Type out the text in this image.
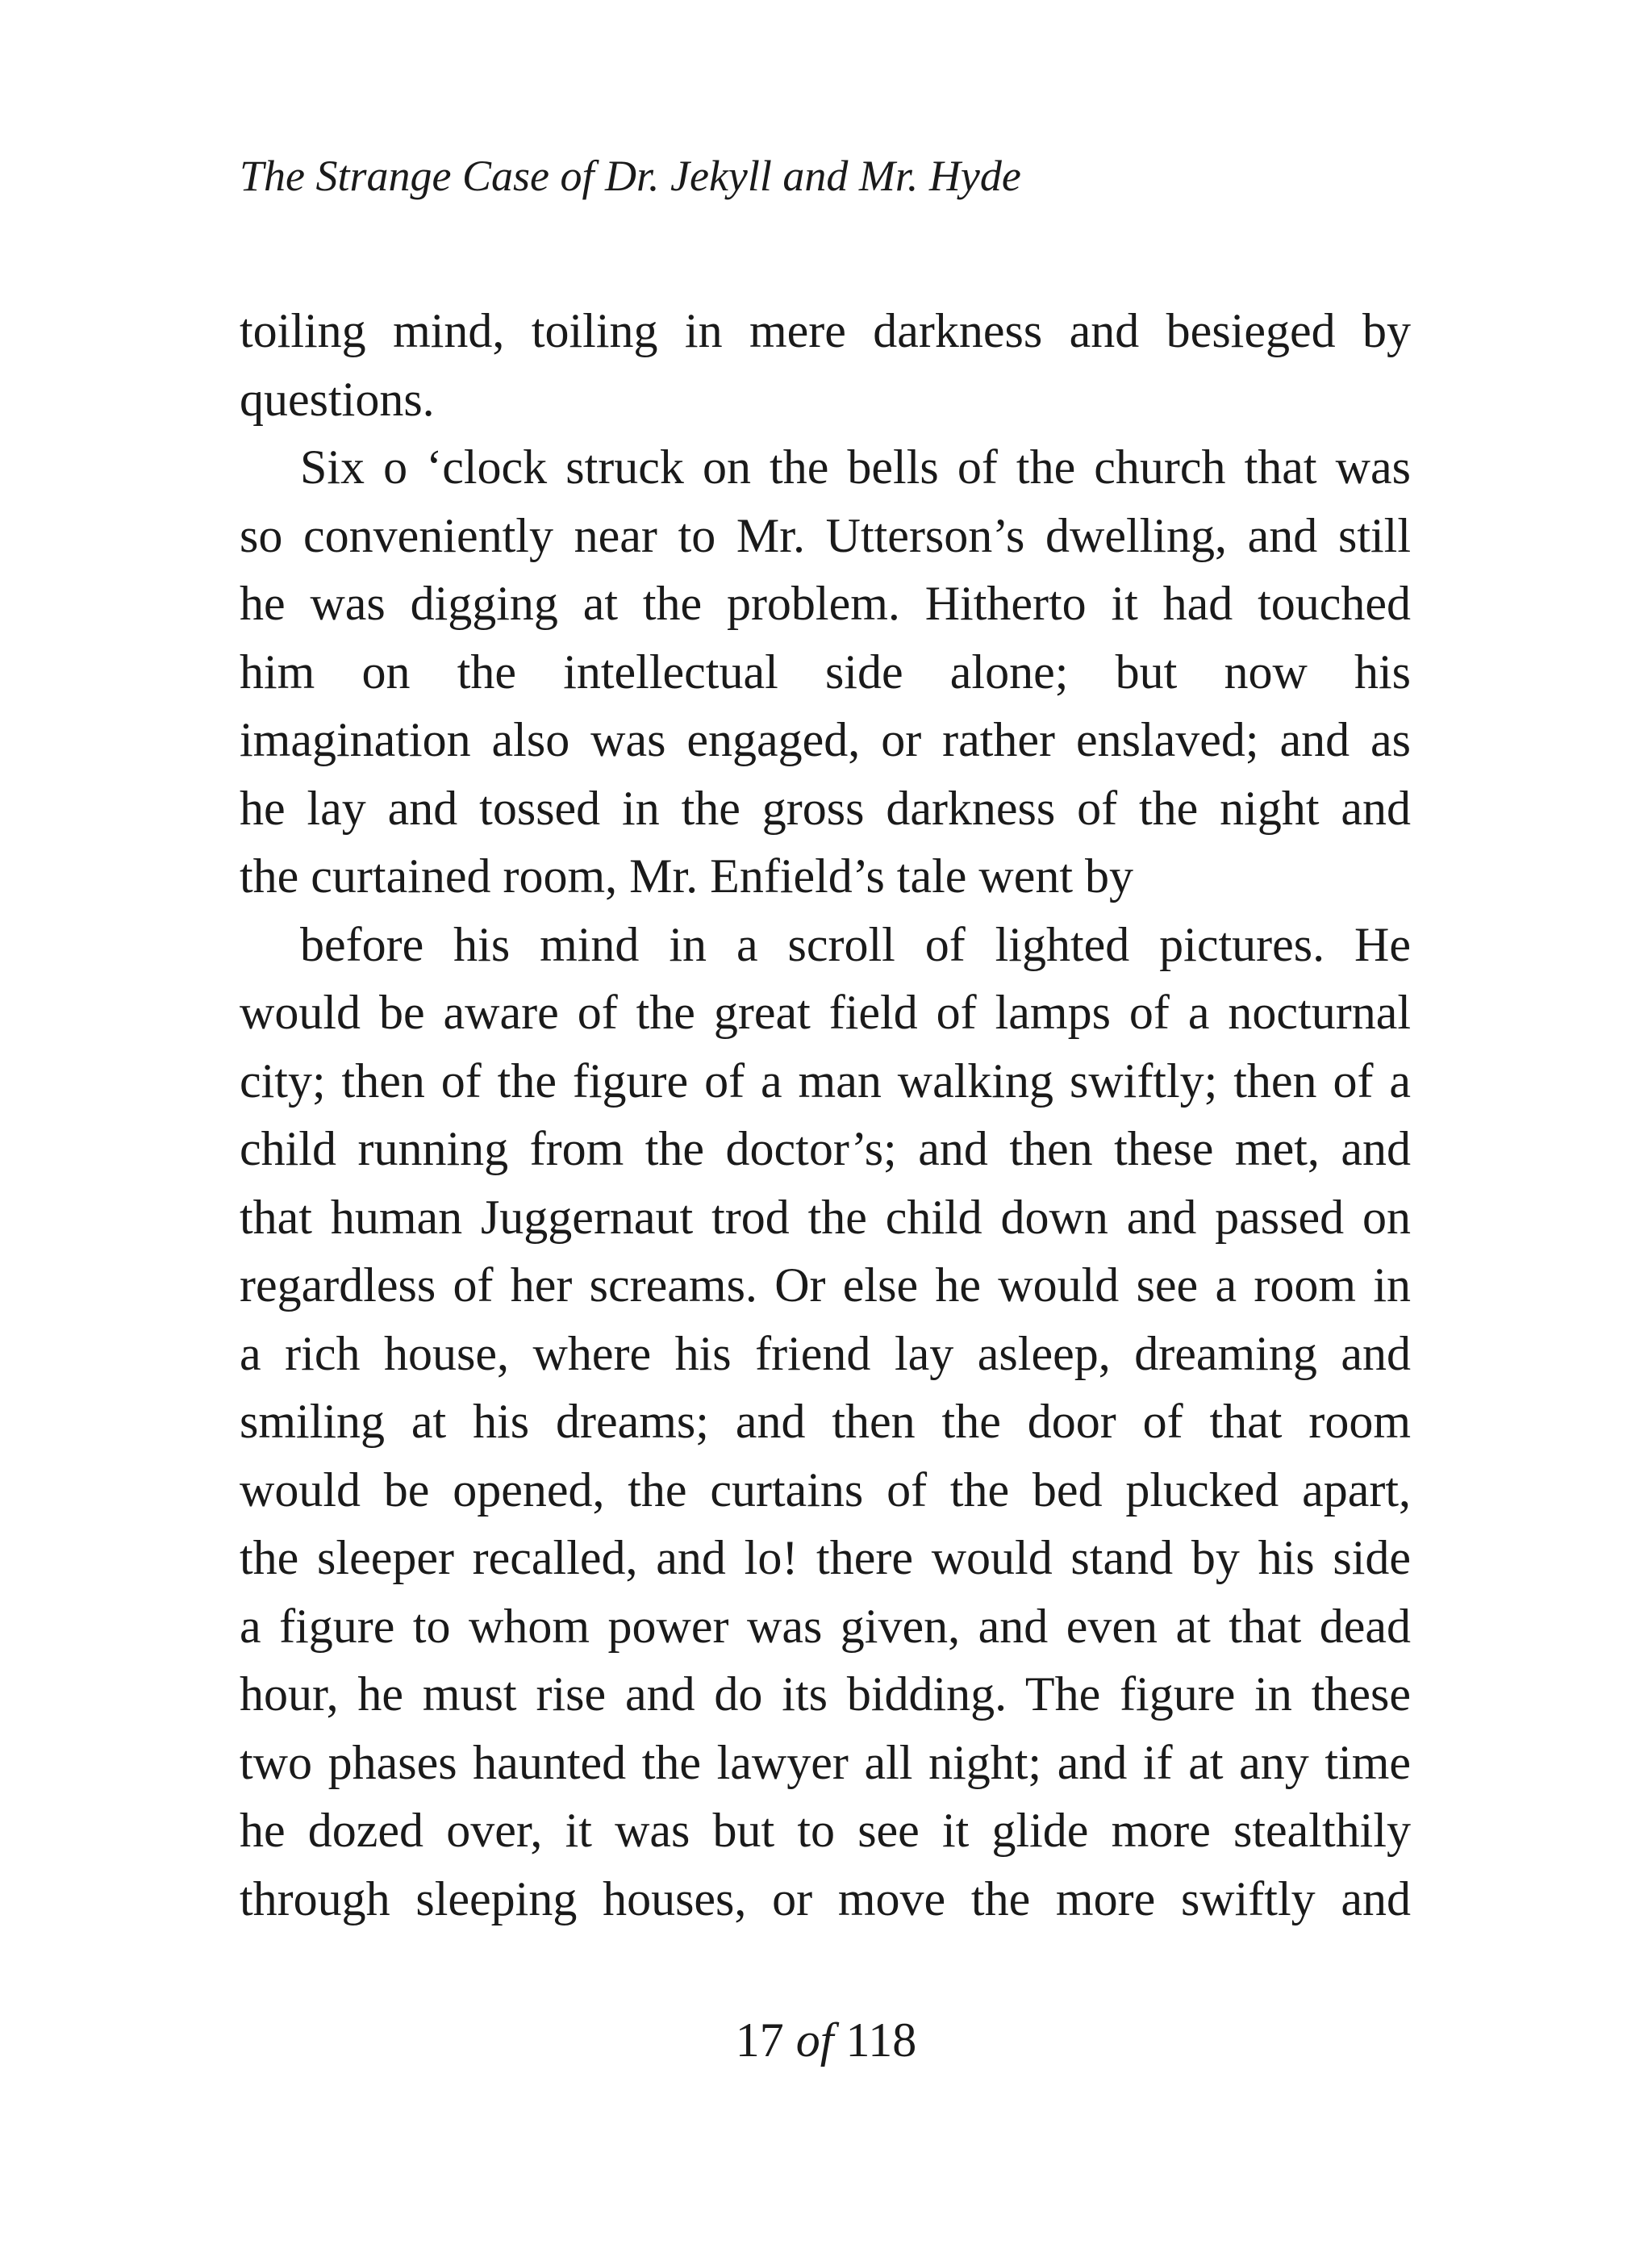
The Strange Case of Dr. Jekyll and Mr. Hyde
toiling mind, toiling in mere darkness and besieged by
questions.
Six o ‘clock struck on the bells of the church that was
so conveniently near to Mr. Utterson’s dwelling, and still
he was digging at the problem. Hitherto it had touched
him on the intellectual side alone; but now his
imagination also was engaged, or rather enslaved; and as
he lay and tossed in the gross darkness of the night and
the curtained room, Mr. Enfield’s tale went by
before his mind in a scroll of lighted pictures. He
would be aware of the great field of lamps of a nocturnal
city; then of the figure of a man walking swiftly; then of a
child running from the doctor’s; and then these met, and
that human Juggernaut trod the child down and passed on
regardless of her screams. Or else he would see a room in
a rich house, where his friend lay asleep, dreaming and
smiling at his dreams; and then the door of that room
would be opened, the curtains of the bed plucked apart,
the sleeper recalled, and lo! there would stand by his side
a figure to whom power was given, and even at that dead
hour, he must rise and do its bidding. The figure in these
two phases haunted the lawyer all night; and if at any time
he dozed over, it was but to see it glide more stealthily
through sleeping houses, or move the more swiftly and
17 of 118
